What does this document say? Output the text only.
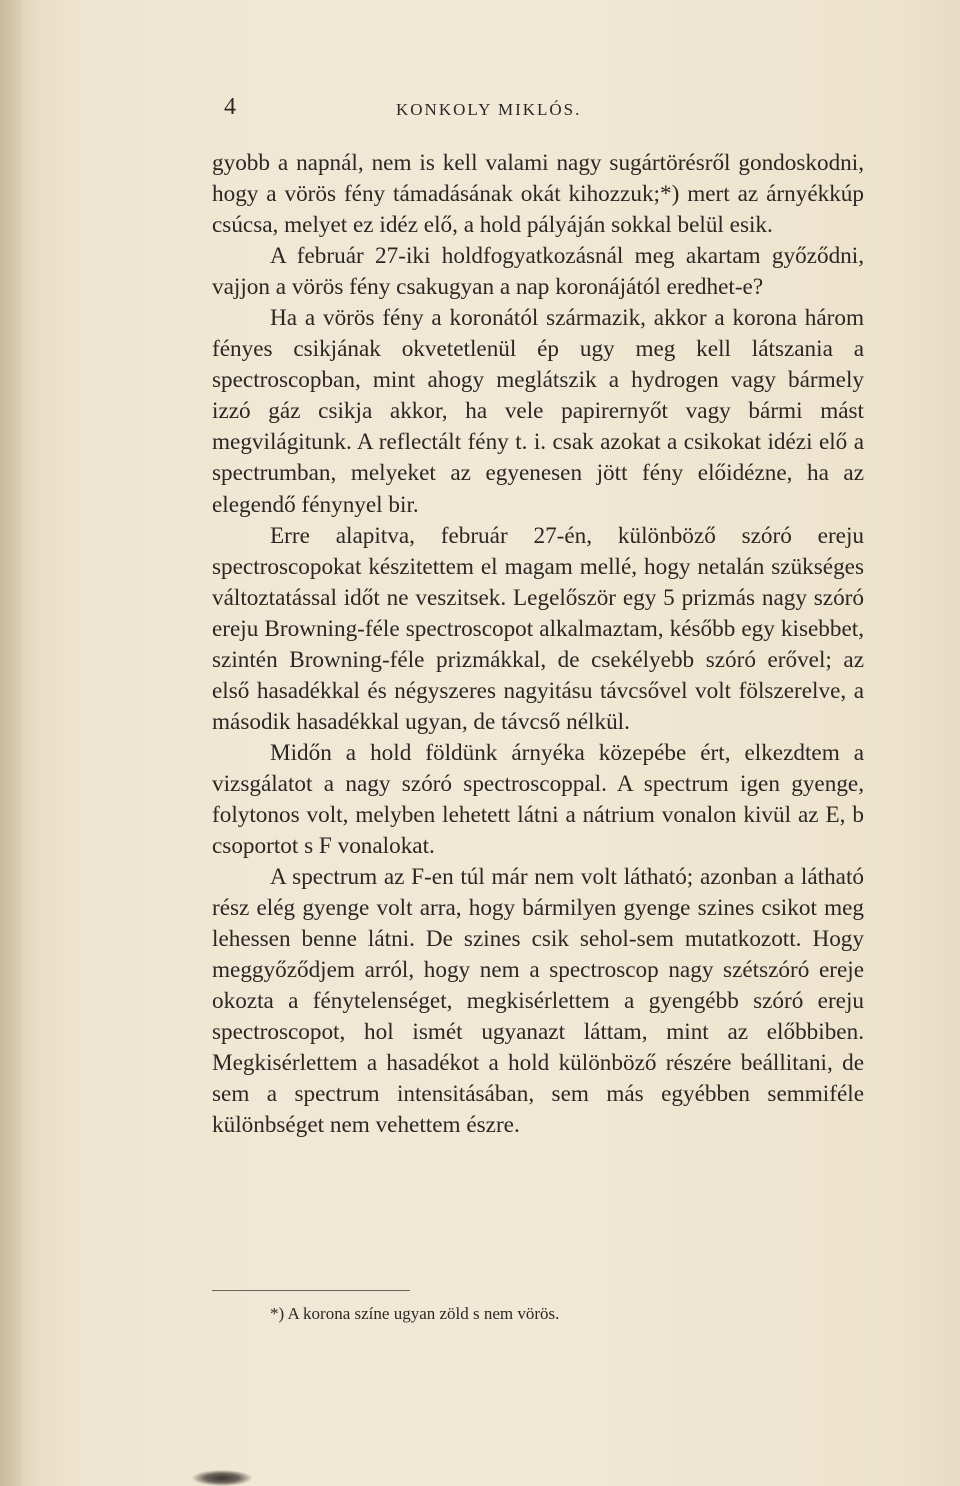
4	KONKOLY MIKLÓS.

gyobb a napnál, nem is kell valami nagy sugártörésről gondoskodni, hogy a vörös fény támadásának okát kihozzuk;*) mert az árnyékkúp csúcsa, melyet ez idéz elő, a hold pályáján sokkal belül esik.

A február 27-iki holdfogyatkozásnál meg akartam győződni, vajjon a vörös fény csakugyan a nap koronájától eredhet-e?

Ha a vörös fény a koronától származik, akkor a korona három fényes csikjának okvetetlenül ép ugy meg kell látszania a spectroscopban, mint ahogy meglátszik a hydrogen vagy bármely izzó gáz csikja akkor, ha vele papirernyőt vagy bármi mást megvilágitunk. A reflectált fény t. i. csak azokat a csikokat idézi elő a spectrumban, melyeket az egyenesen jött fény előidézne, ha az elegendő fénynyel bir.

Erre alapitva, február 27-én, különböző szóró ereju spectroscopokat készitettem el magam mellé, hogy netalán szükséges változtatással időt ne veszitsek. Legelőször egy 5 prizmás nagy szóró ereju Browning-féle spectroscopot alkalmaztam, később egy kisebbet, szintén Browning-féle prizmákkal, de csekélyebb szóró erővel; az első hasadékkal és négyszeres nagyitásu távcsővel volt fölszerelve, a második hasadékkal ugyan, de távcső nélkül.

Midőn a hold földünk árnyéka közepébe ért, elkezdtem a vizsgálatot a nagy szóró spectroscoppal. A spectrum igen gyenge, folytonos volt, melyben lehetett látni a nátrium vonalon kivül az E, b csoportot s F vonalokat.

A spectrum az F-en túl már nem volt látható; azonban a látható rész elég gyenge volt arra, hogy bármilyen gyenge szines csikot meg lehessen benne látni. De szines csik sehol-sem mutatkozott. Hogy meggyőződjem arról, hogy nem a spectroscop nagy szétszóró ereje okozta a fénytelenséget, megkisérlettem a gyengébb szóró ereju spectroscopot, hol ismét ugyanazt láttam, mint az előbbiben. Megkisérlettem a hasadékot a hold különböző részére beállitani, de sem a spectrum intensitásában, sem más egyébben semmiféle különbséget nem vehettem észre.

*) A korona színe ugyan zöld s nem vörös.
